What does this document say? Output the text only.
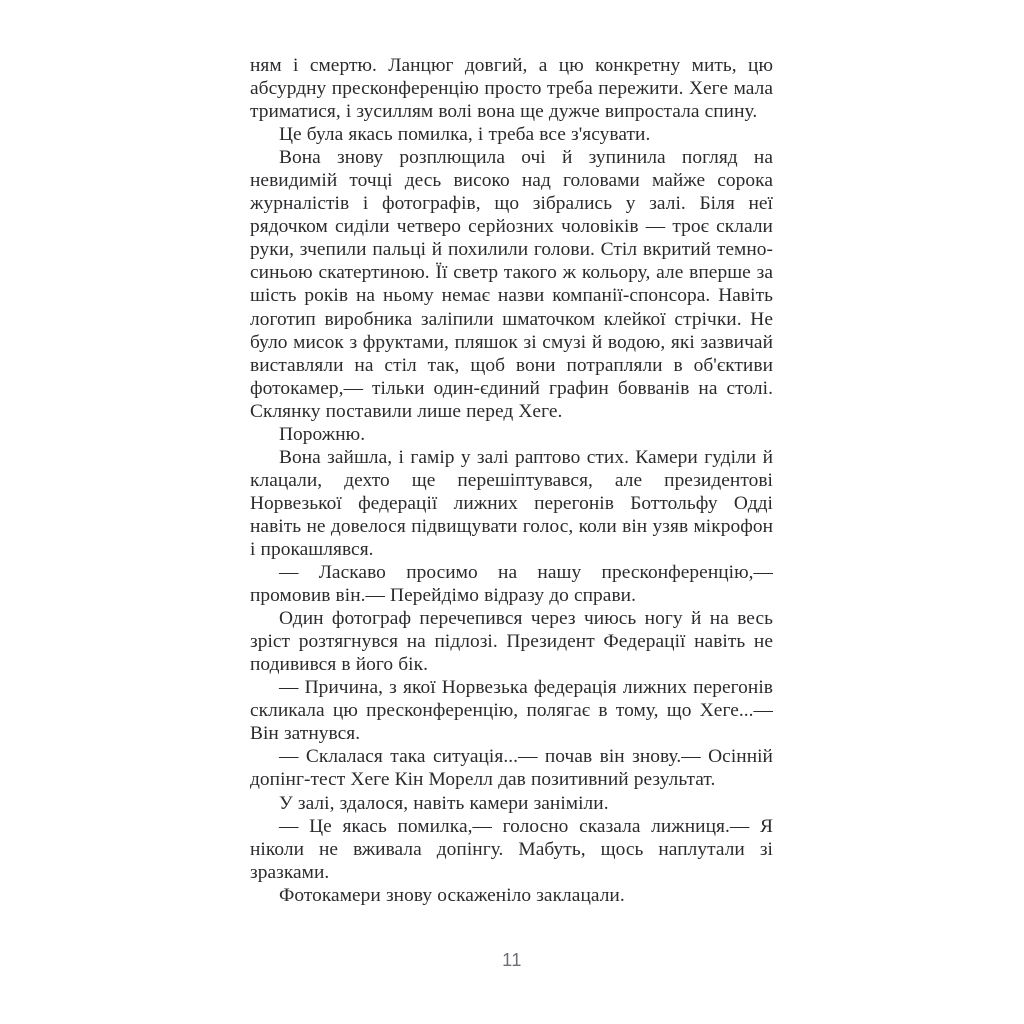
ням і смертю. Ланцюг довгий, а цю конкретну мить, цю абсурдну пресконференцію просто треба пережити. Хеге мала триматися, і зусиллям волі вона ще дужче випростала спину.

Це була якась помилка, і треба все з'ясувати.

Вона знову розплющила очі й зупинила погляд на невидимій точці десь високо над головами майже сорока журналістів і фотографів, що зібрались у залі. Біля неї рядочком сиділи четверо серйозних чоловіків — троє склали руки, зчепили пальці й похилили голови. Стіл вкритий темно-синьою скатертиною. Її светр такого ж кольору, але вперше за шість років на ньому немає назви компанії-спонсора. Навіть логотип виробника заліпили шматочком клейкої стрічки. Не було мисок з фруктами, пляшок зі смузі й водою, які зазвичай виставляли на стіл так, щоб вони потрапляли в об'єктиви фотокамер,— тільки один-єдиний графин бовванів на столі. Склянку поставили лише перед Хеге.

Порожню.

Вона зайшла, і гамір у залі раптово стих. Камери гуділи й клацали, дехто ще перешіптувався, але президентові Норвезької федерації лижних перегонів Боттольфу Одді навіть не довелося підвищувати голос, коли він узяв мікрофон і прокашлявся.

— Ласкаво просимо на нашу пресконференцію,— промовив він.— Перейдімо відразу до справи.

Один фотограф перечепився через чиюсь ногу й на весь зріст розтягнувся на підлозі. Президент Федерації навіть не подивився в його бік.

— Причина, з якої Норвезька федерація лижних перегонів скликала цю пресконференцію, полягає в тому, що Хеге...— Він затнувся.

— Склалася така ситуація...— почав він знову.— Осінній допінг-тест Хеге Кін Морелл дав позитивний результат.

У залі, здалося, навіть камери заніміли.

— Це якась помилка,— голосно сказала лижниця.— Я ніколи не вживала допінгу. Мабуть, щось наплутали зі зразками.

Фотокамери знову оскаженіло заклацали.

11
